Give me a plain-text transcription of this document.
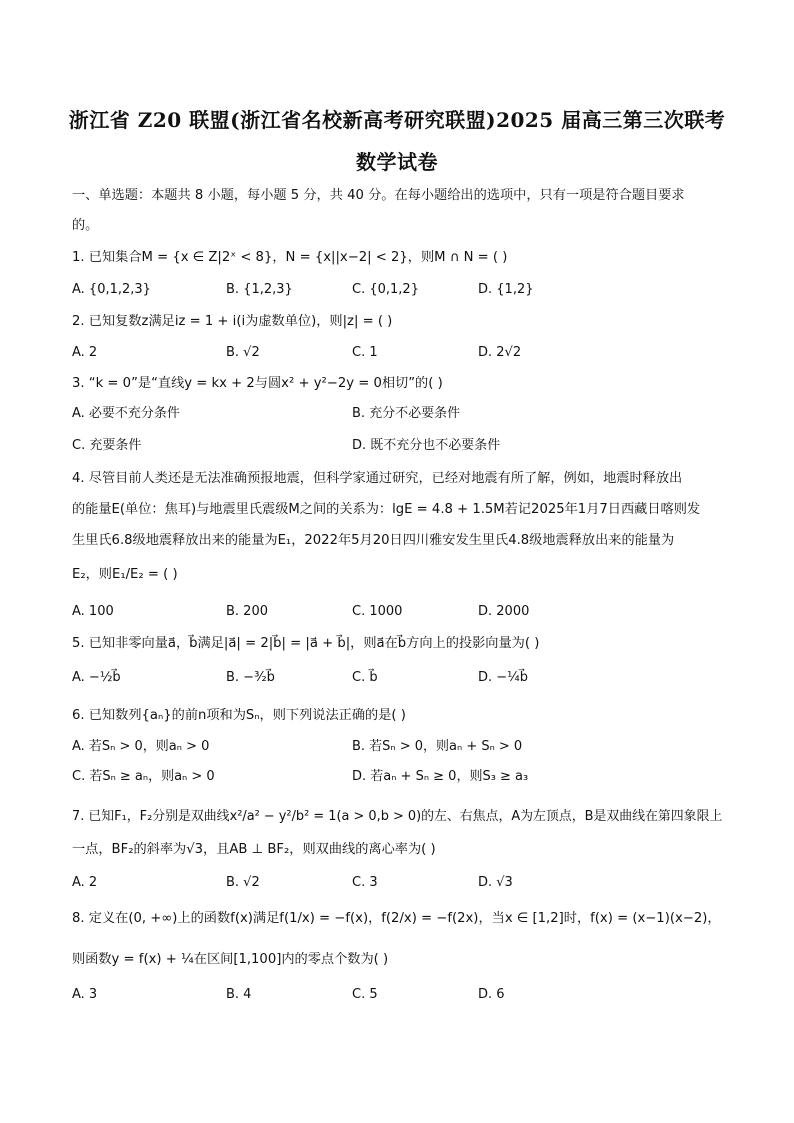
浙江省 Z20 联盟(浙江省名校新高考研究联盟)2025 届高三第三次联考
数学试卷
一、单选题：本题共 8 小题，每小题 5 分，共 40 分。在每小题给出的选项中，只有一项是符合题目要求
的。
1. 已知集合M = {x ∈ Z|2ˣ < 8}，N = {x||x−2| < 2}，则M ∩ N = ( )
A. {0,1,2,3}	B. {1,2,3}	C. {0,1,2}	D. {1,2}
2. 已知复数z满足iz = 1 + i(i为虚数单位)，则|z| = ( )
A. 2	B. √2	C. 1	D. 2√2
3. “k = 0”是“直线y = kx + 2与圆x² + y²−2y = 0相切”的( )
A. 必要不充分条件	B. 充分不必要条件
C. 充要条件	D. 既不充分也不必要条件
4. 尽管目前人类还是无法准确预报地震，但科学家通过研究，已经对地震有所了解，例如，地震时释放出
的能量E(单位：焦耳)与地震里氏震级M之间的关系为：lgE = 4.8 + 1.5M若记2025年1月7日西藏日喀则发
生里氏6.8级地震释放出来的能量为E₁，2022年5月20日四川雅安发生里氏4.8级地震释放出来的能量为
E₂，则E₁/E₂ = ( )
A. 100	B. 200	C. 1000	D. 2000
5. 已知非零向量a⃗，b⃗满足|a⃗| = 2|b⃗| = |a⃗ + b⃗|，则a⃗在b⃗方向上的投影向量为( )
A. −½b⃗	B. −³⁄₂b⃗	C. b⃗	D. −¼b⃗
6. 已知数列{aₙ}的前n项和为Sₙ，则下列说法正确的是( )
A. 若Sₙ > 0，则aₙ > 0	B. 若Sₙ > 0，则aₙ + Sₙ > 0
C. 若Sₙ ≥ aₙ，则aₙ > 0	D. 若aₙ + Sₙ ≥ 0，则S₃ ≥ a₃
7. 已知F₁，F₂分别是双曲线x²/a² − y²/b² = 1(a > 0,b > 0)的左、右焦点，A为左顶点，B是双曲线在第四象限上
一点，BF₂的斜率为√3，且AB ⊥ BF₂，则双曲线的离心率为( )
A. 2	B. √2	C. 3	D. √3
8. 定义在(0, +∞)上的函数f(x)满足f(1/x) = −f(x)，f(2/x) = −f(2x)，当x ∈ [1,2]时，f(x) = (x−1)(x−2)，
则函数y = f(x) + ¼在区间[1,100]内的零点个数为( )
A. 3	B. 4	C. 5	D. 6
